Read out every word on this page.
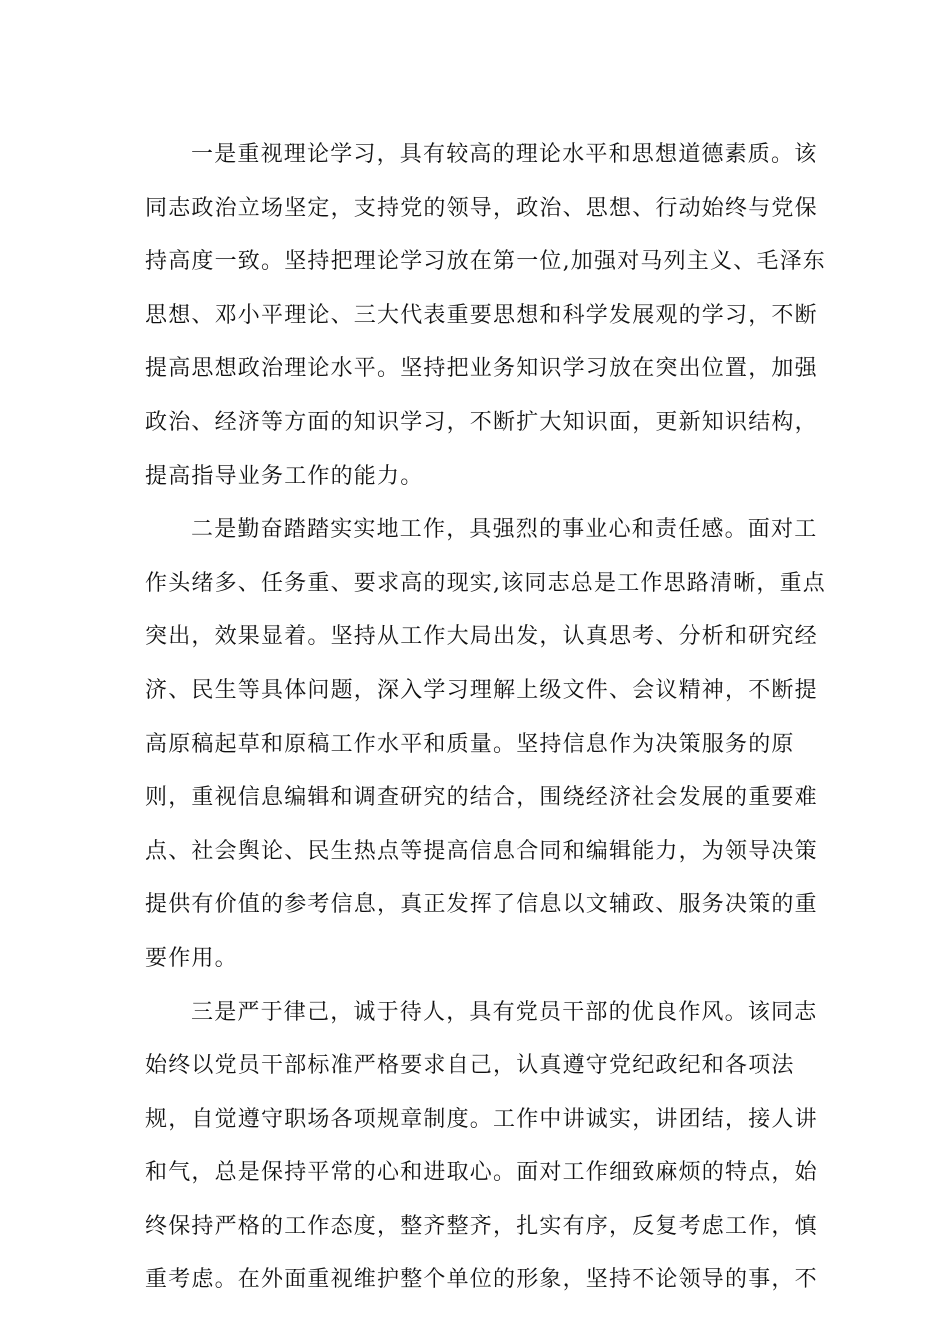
一是重视理论学习，具有较高的理论水平和思想道德素质。该
同志政治立场坚定，支持党的领导，政治、思想、行动始终与党保
持高度一致。坚持把理论学习放在第一位,加强对马列主义、毛泽东
思想、邓小平理论、三大代表重要思想和科学发展观的学习，不断
提高思想政治理论水平。坚持把业务知识学习放在突出位置，加强
政治、经济等方面的知识学习，不断扩大知识面，更新知识结构，
提高指导业务工作的能力。
二是勤奋踏踏实实地工作，具强烈的事业心和责任感。面对工
作头绪多、任务重、要求高的现实,该同志总是工作思路清晰，重点
突出，效果显着。坚持从工作大局出发，认真思考、分析和研究经
济、民生等具体问题，深入学习理解上级文件、会议精神，不断提
高原稿起草和原稿工作水平和质量。坚持信息作为决策服务的原
则，重视信息编辑和调查研究的结合，围绕经济社会发展的重要难
点、社会舆论、民生热点等提高信息合同和编辑能力，为领导决策
提供有价值的参考信息，真正发挥了信息以文辅政、服务决策的重
要作用。
三是严于律己，诚于待人，具有党员干部的优良作风。该同志
始终以党员干部标准严格要求自己，认真遵守党纪政纪和各项法
规，自觉遵守职场各项规章制度。工作中讲诚实，讲团结，接人讲
和气，总是保持平常的心和进取心。面对工作细致麻烦的特点，始
终保持严格的工作态度，整齐整齐，扎实有序，反复考虑工作，慎
重考虑。在外面重视维护整个单位的形象，坚持不论领导的事，不
